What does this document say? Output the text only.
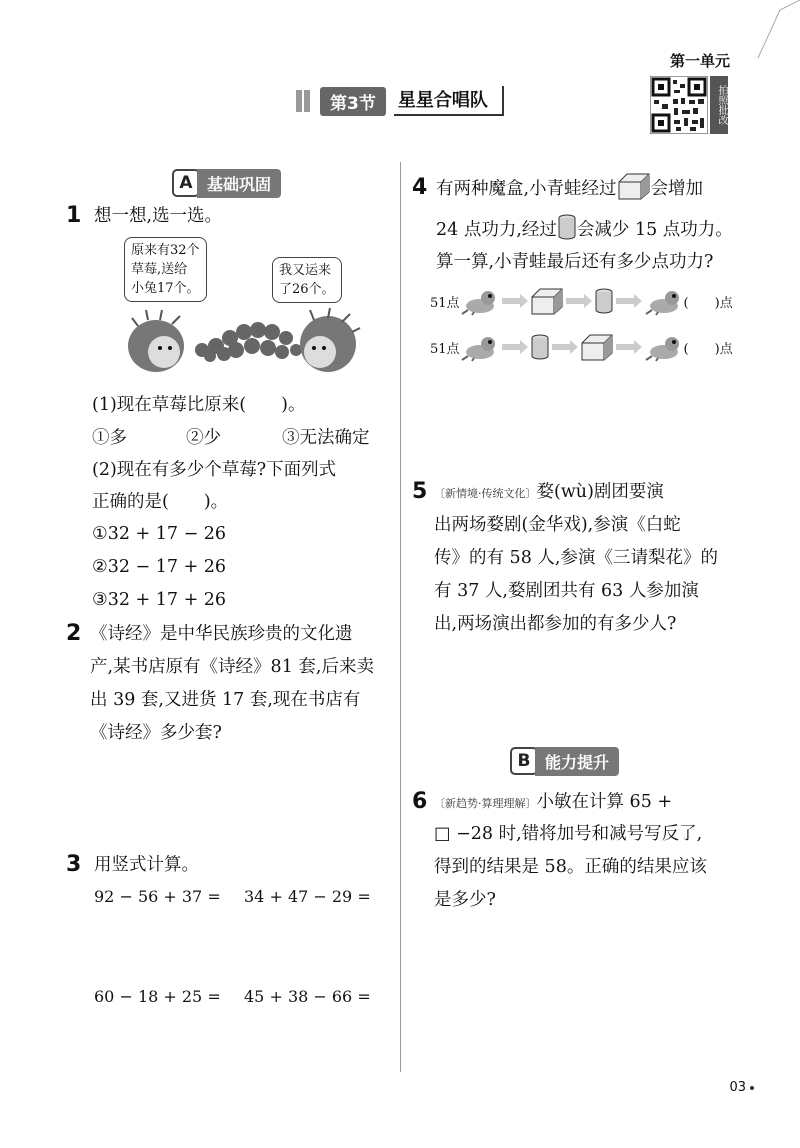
第一单元
第3节	星星合唱队	拍照批改
A 基础巩固
1 想一想,选一选。
原来有32个
草莓,送给
小兔17个。
我又运来
了26个。
(1)现在草莓比原来(　　)。
①多	②少	③无法确定
(2)现在有多少个草莓?下面列式
正确的是(　　)。
①32 + 17 − 26
②32 − 17 + 26
③32 + 17 + 26
2 《诗经》是中华民族珍贵的文化遗
产,某书店原有《诗经》81 套,后来卖
出 39 套,又进货 17 套,现在书店有
《诗经》多少套?
3 用竖式计算。
92 − 56 + 37 = 34 + 47 − 29 =
60 − 18 + 25 = 45 + 38 − 66 =
4 有两种魔盒,小青蛙经过 会增加
24 点功力,经过 会减少 15 点功力。
算一算,小青蛙最后还有多少点功力?
51点	(　　)点
51点	(　　)点
5 〔新情境·传统文化〕婺(wù)剧团要演
出两场婺剧(金华戏),参演《白蛇
传》的有 58 人,参演《三请梨花》的
有 37 人,婺剧团共有 63 人参加演
出,两场演出都参加的有多少人?
B 能力提升
6 〔新趋势·算理理解〕小敏在计算 65 +
□ −28 时,错将加号和减号写反了,
得到的结果是 58。正确的结果应该
是多少?
03
